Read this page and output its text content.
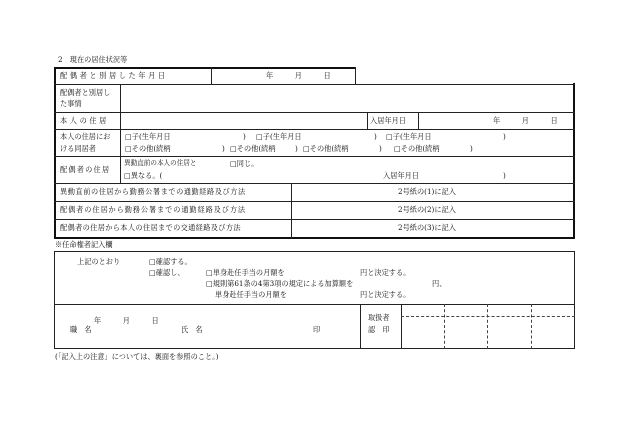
2　現在の居住状況等
配偶者と別居した年月日	年　　　月　　　日
配偶者と別居し
た事情
本人の住居	入居年月日	年　　　月　　　日
本人の住居にお
ける同居者
□子(生年月日	) □子(生年月日	) □子(生年月日	)
□その他(続柄	) □その他(続柄	) □その他(続柄	) □その他(続柄	)
配偶者の住居
異動直前の本人の住居と	□同じ。
□異なる。(	入居年月日	)
異動直前の住居から勤務公署までの通勤経路及び方法	2号紙の(1)に記入
配偶者の住居から勤務公署までの通勤経路及び方法	2号紙の(2)に記入
配偶者の住居から本人の住居までの交通経路及び方法	2号紙の(3)に記入
※任命権者記入欄
上記のとおり	□確認する。
□確認し、	□単身赴任手当の月額を	円と決定する。
□規則第61条の4第3項の規定による加算額を	円、
単身赴任手当の月額を	円と決定する。
年　　　月　　　日
職　名	氏　名	印
取扱者
認　印
(「記入上の注意」については、裏面を参照のこと。)
